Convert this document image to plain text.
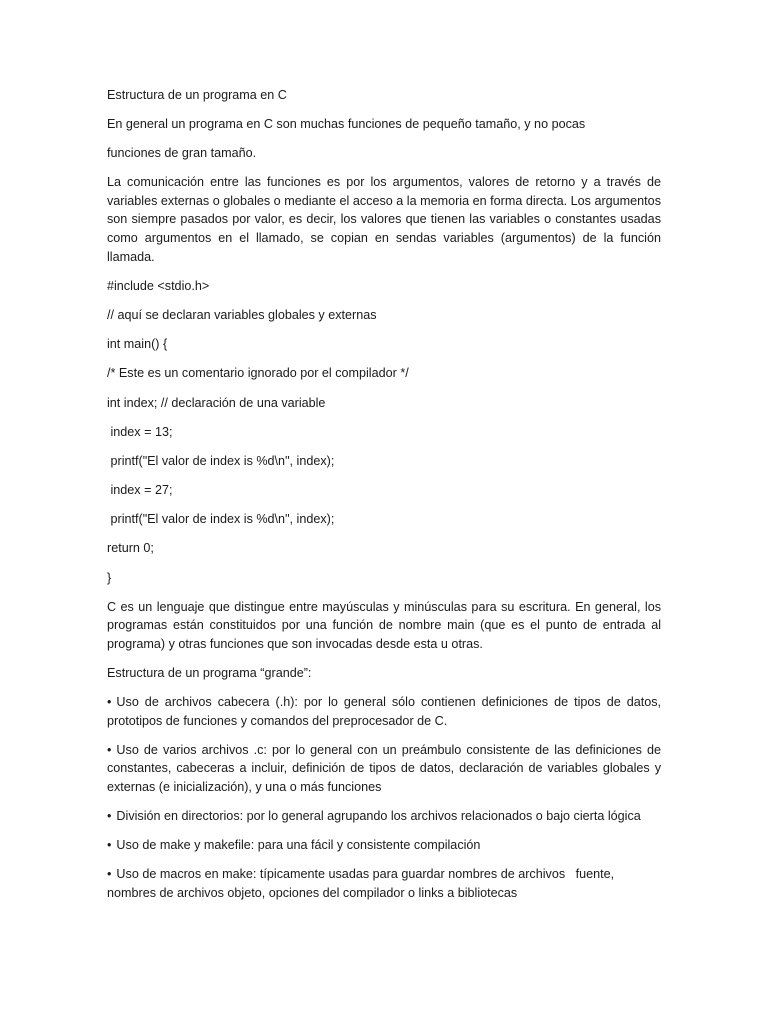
Estructura de un programa en C

En general un programa en C son muchas funciones de pequeño tamaño, y no pocas

funciones de gran tamaño.

La comunicación entre las funciones es por los argumentos, valores de retorno y a través de variables externas o globales o mediante el acceso a la memoria en forma directa. Los argumentos son siempre pasados por valor, es decir, los valores que tienen las variables o constantes usadas como argumentos en el llamado, se copian en sendas variables (argumentos) de la función llamada.

#include <stdio.h>

// aquí se declaran variables globales y externas

int main() {

/* Este es un comentario ignorado por el compilador */

int index; // declaración de una variable

index = 13;

printf("El valor de index is %d\n", index);

index = 27;

printf("El valor de index is %d\n", index);

return 0;

}

C es un lenguaje que distingue entre mayúsculas y minúsculas para su escritura. En general, los programas están constituidos por una función de nombre main (que es el punto de entrada al programa) y otras funciones que son invocadas desde esta u otras.

Estructura de un programa “grande”:

• Uso de archivos cabecera (.h): por lo general sólo contienen definiciones de tipos de datos, prototipos de funciones y comandos del preprocesador de C.

• Uso de varios archivos .c: por lo general con un preámbulo consistente de las definiciones de constantes, cabeceras a incluir, definición de tipos de datos, declaración de variables globales y externas (e inicialización), y una o más funciones

• División en directorios: por lo general agrupando los archivos relacionados o bajo cierta lógica

• Uso de make y makefile: para una fácil y consistente compilación

• Uso de macros en make: típicamente usadas para guardar nombres de archivos   fuente, nombres de archivos objeto, opciones del compilador o links a bibliotecas
